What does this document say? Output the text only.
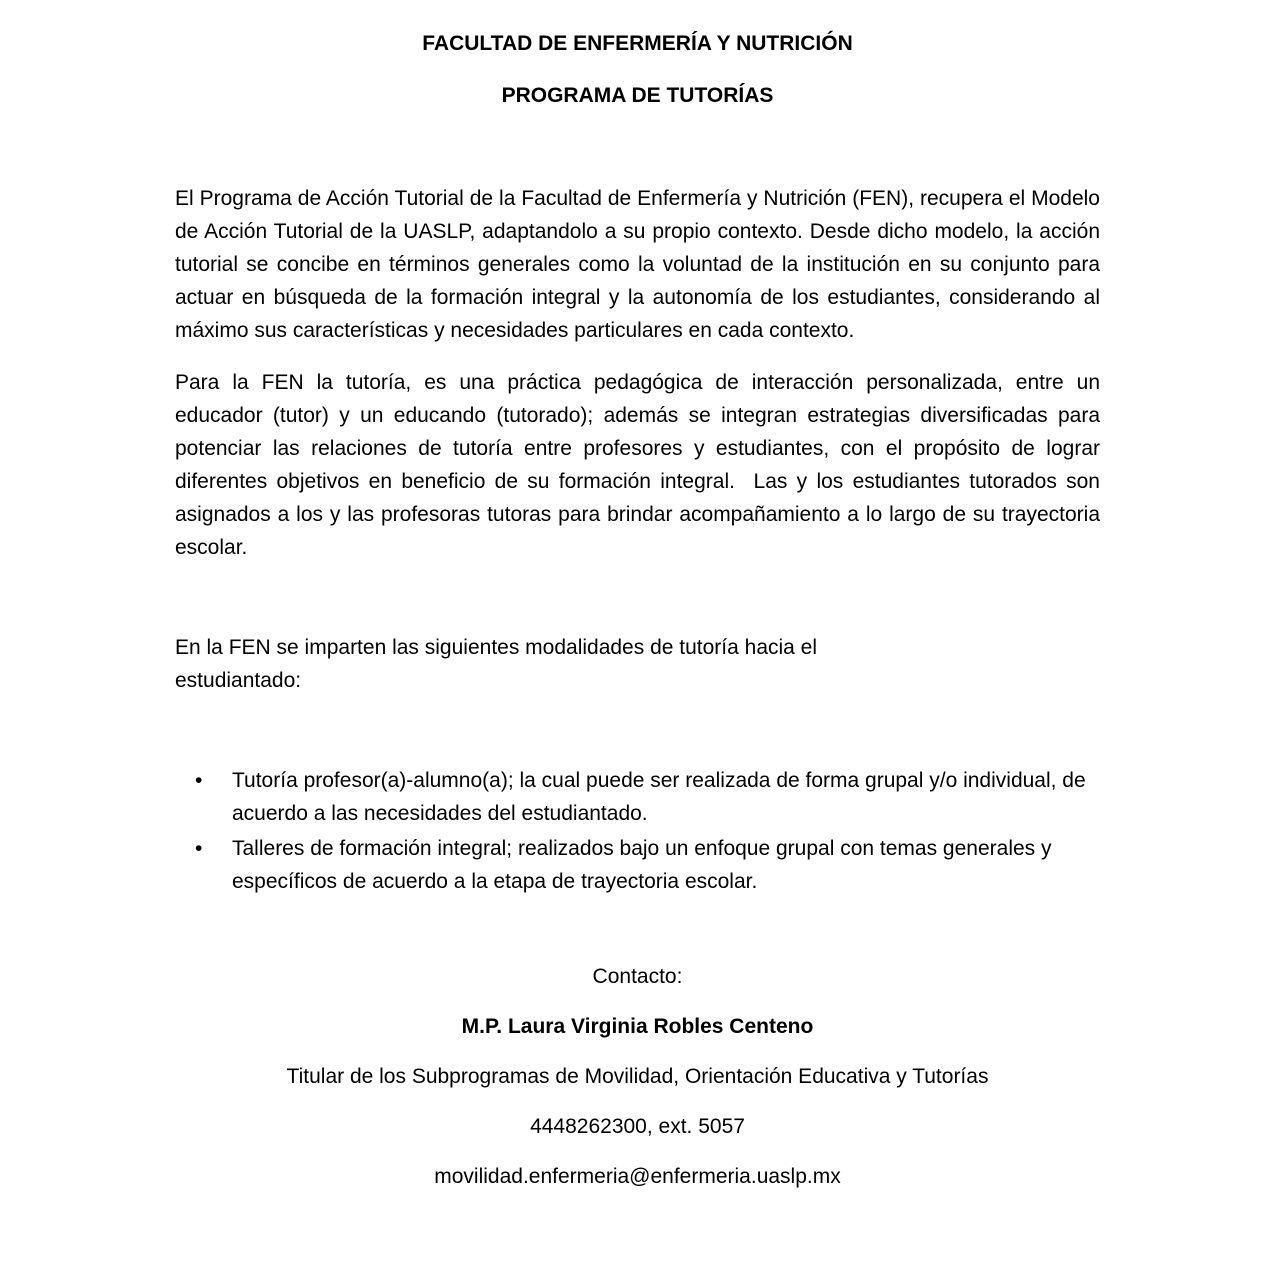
FACULTAD DE ENFERMERÍA Y NUTRICIÓN
PROGRAMA DE TUTORÍAS

El Programa de Acción Tutorial de la Facultad de Enfermería y Nutrición (FEN), recupera el Modelo de Acción Tutorial de la UASLP, adaptandolo a su propio contexto. Desde dicho modelo, la acción tutorial se concibe en términos generales como la voluntad de la institución en su conjunto para actuar en búsqueda de la formación integral y la autonomía de los estudiantes, considerando al máximo sus características y necesidades particulares en cada contexto.

Para la FEN la tutoría, es una práctica pedagógica de interacción personalizada, entre un educador (tutor) y un educando (tutorado); además se integran estrategias diversificadas para potenciar las relaciones de tutoría entre profesores y estudiantes, con el propósito de lograr diferentes objetivos en beneficio de su formación integral.  Las y los estudiantes tutorados son asignados a los y las profesoras tutoras para brindar acompañamiento a lo largo de su trayectoria escolar.

En la FEN se imparten las siguientes modalidades de tutoría hacia el
estudiantado:
• Tutoría profesor(a)-alumno(a); la cual puede ser realizada de forma grupal y/o individual, de acuerdo a las necesidades del estudiantado.
• Talleres de formación integral; realizados bajo un enfoque grupal con temas generales y específicos de acuerdo a la etapa de trayectoria escolar.
Contacto:
M.P. Laura Virginia Robles Centeno
Titular de los Subprogramas de Movilidad, Orientación Educativa y Tutorías
4448262300, ext. 5057
movilidad.enfermeria@enfermeria.uaslp.mx
